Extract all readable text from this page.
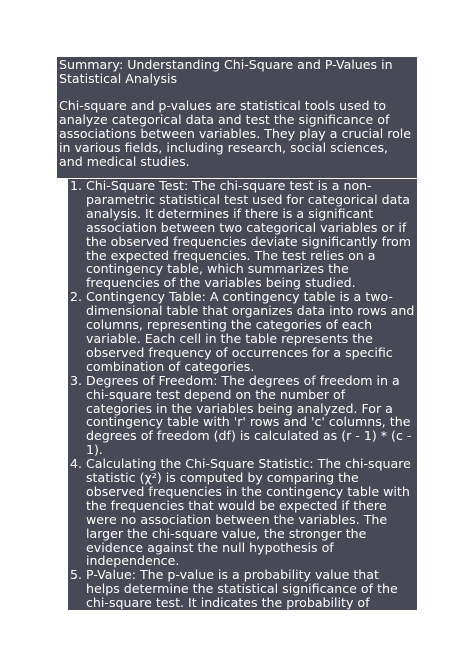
Summary: Understanding Chi-Square and P-Values in Statistical Analysis

Chi-square and p-values are statistical tools used to analyze categorical data and test the significance of associations between variables. They play a crucial role in various fields, including research, social sciences, and medical studies.

1. Chi-Square Test: The chi-square test is a non-parametric statistical test used for categorical data analysis. It determines if there is a significant association between two categorical variables or if the observed frequencies deviate significantly from the expected frequencies. The test relies on a contingency table, which summarizes the frequencies of the variables being studied.
2. Contingency Table: A contingency table is a two-dimensional table that organizes data into rows and columns, representing the categories of each variable. Each cell in the table represents the observed frequency of occurrences for a specific combination of categories.
3. Degrees of Freedom: The degrees of freedom in a chi-square test depend on the number of categories in the variables being analyzed. For a contingency table with 'r' rows and 'c' columns, the degrees of freedom (df) is calculated as (r - 1) * (c - 1).
4. Calculating the Chi-Square Statistic: The chi-square statistic (χ²) is computed by comparing the observed frequencies in the contingency table with the frequencies that would be expected if there were no association between the variables. The larger the chi-square value, the stronger the evidence against the null hypothesis of independence.
5. P-Value: The p-value is a probability value that helps determine the statistical significance of the chi-square test. It indicates the probability of observing the observed association (or more extreme) between the variables if the null hypothesis were true. A low p-
